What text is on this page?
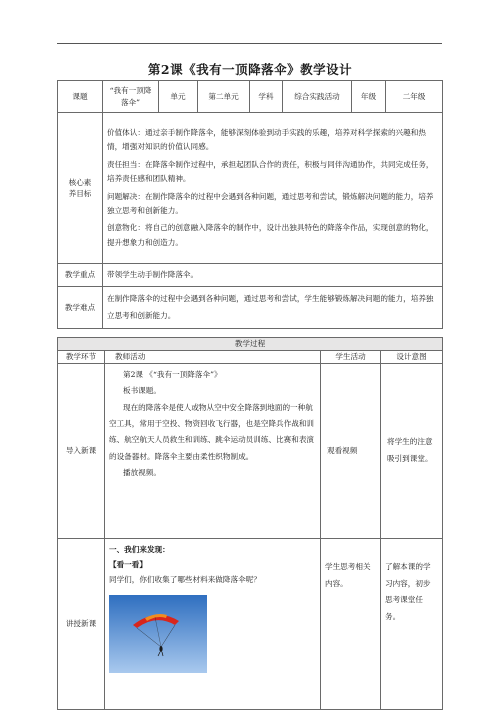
第2课《我有一顶降落伞》教学设计
课题	“我有一顶降落伞”	单元	第二单元	学科	综合实践活动	年级	二年级
核心素养目标	价值体认：通过亲手制作降落伞，能够深刻体验到动手实践的乐趣，培养对科学探索的兴趣和热情，增强对知识的价值认同感。

责任担当：在降落伞制作过程中，承担起团队合作的责任，积极与同伴沟通协作，共同完成任务，培养责任感和团队精神。

问题解决：在制作降落伞的过程中会遇到各种问题，通过思考和尝试，锻炼解决问题的能力，培养独立思考和创新能力。

创意物化：将自己的创意融入降落伞的制作中，设计出独具特色的降落伞作品，实现创意的物化，提升想象力和创造力。						

教学重点	带领学生动手制作降落伞。						
教学难点	在制作降落伞的过程中会遇到各种问题，通过思考和尝试，学生能够锻炼解决问题的能力，培养独立思考和创新能力。						
教学过程			
教学环节	教师活动	学生活动	设计意图
导入新课	第2课 《“我有一顶降落伞”》

板书课题。

现在的降落伞是使人或物从空中安全降落到地面的一种航空工具，常用于空投、物资回收飞行器，也是空降兵作战和训练、航空航天人员救生和训练、跳伞运动员训练、比赛和表演的设备器材。降落伞主要由柔性织物制成。

播放视频。	观看视频	将学生的注意吸引到课堂。
讲授新课	一、我们来发现：

【看一看】

同学们，你们收集了哪些材料来做降落伞呢？	学生思考相关内容。	了解本课的学习内容，初步思考课堂任务。
